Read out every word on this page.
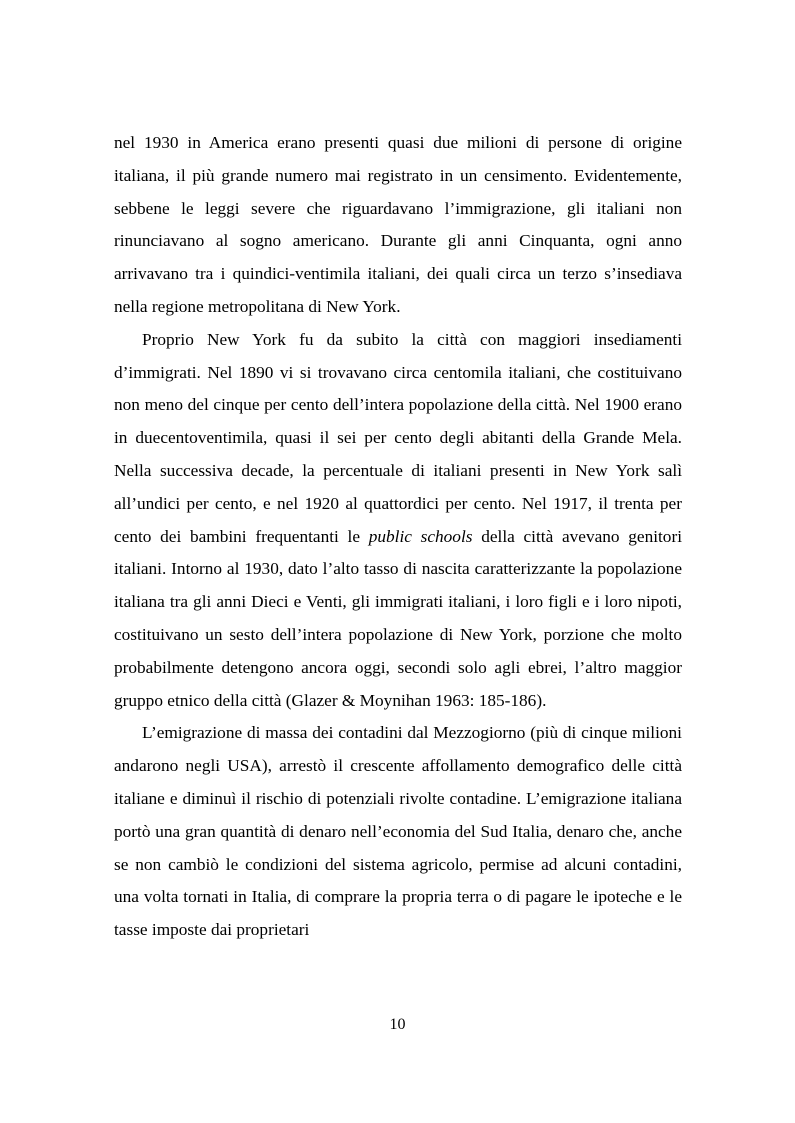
nel 1930 in America erano presenti quasi due milioni di persone di origine italiana, il più grande numero mai registrato in un censimento. Evidentemente, sebbene le leggi severe che riguardavano l’immigrazione, gli italiani non rinunciavano al sogno americano. Durante gli anni Cinquanta, ogni anno arrivavano tra i quindici-ventimila italiani, dei quali circa un terzo s’insediava nella regione metropolitana di New York.

Proprio New York fu da subito la città con maggiori insediamenti d’immigrati. Nel 1890 vi si trovavano circa centomila italiani, che costituivano non meno del cinque per cento dell’intera popolazione della città. Nel 1900 erano in duecentoventimila, quasi il sei per cento degli abitanti della Grande Mela. Nella successiva decade, la percentuale di italiani presenti in New York salì all’undici per cento, e nel 1920 al quattordici per cento. Nel 1917, il trenta per cento dei bambini frequentanti le public schools della città avevano genitori italiani. Intorno al 1930, dato l’alto tasso di nascita caratterizzante la popolazione italiana tra gli anni Dieci e Venti, gli immigrati italiani, i loro figli e i loro nipoti, costituivano un sesto dell’intera popolazione di New York, porzione che molto probabilmente detengono ancora oggi, secondi solo agli ebrei, l’altro maggior gruppo etnico della città (Glazer & Moynihan 1963: 185-186).

L’emigrazione di massa dei contadini dal Mezzogiorno (più di cinque milioni andarono negli USA), arrestò il crescente affollamento demografico delle città italiane e diminuì il rischio di potenziali rivolte contadine. L’emigrazione italiana portò una gran quantità di denaro nell’economia del Sud Italia, denaro che, anche se non cambiò le condizioni del sistema agricolo, permise ad alcuni contadini, una volta tornati in Italia, di comprare la propria terra o di pagare le ipoteche e le tasse imposte dai proprietari

10
